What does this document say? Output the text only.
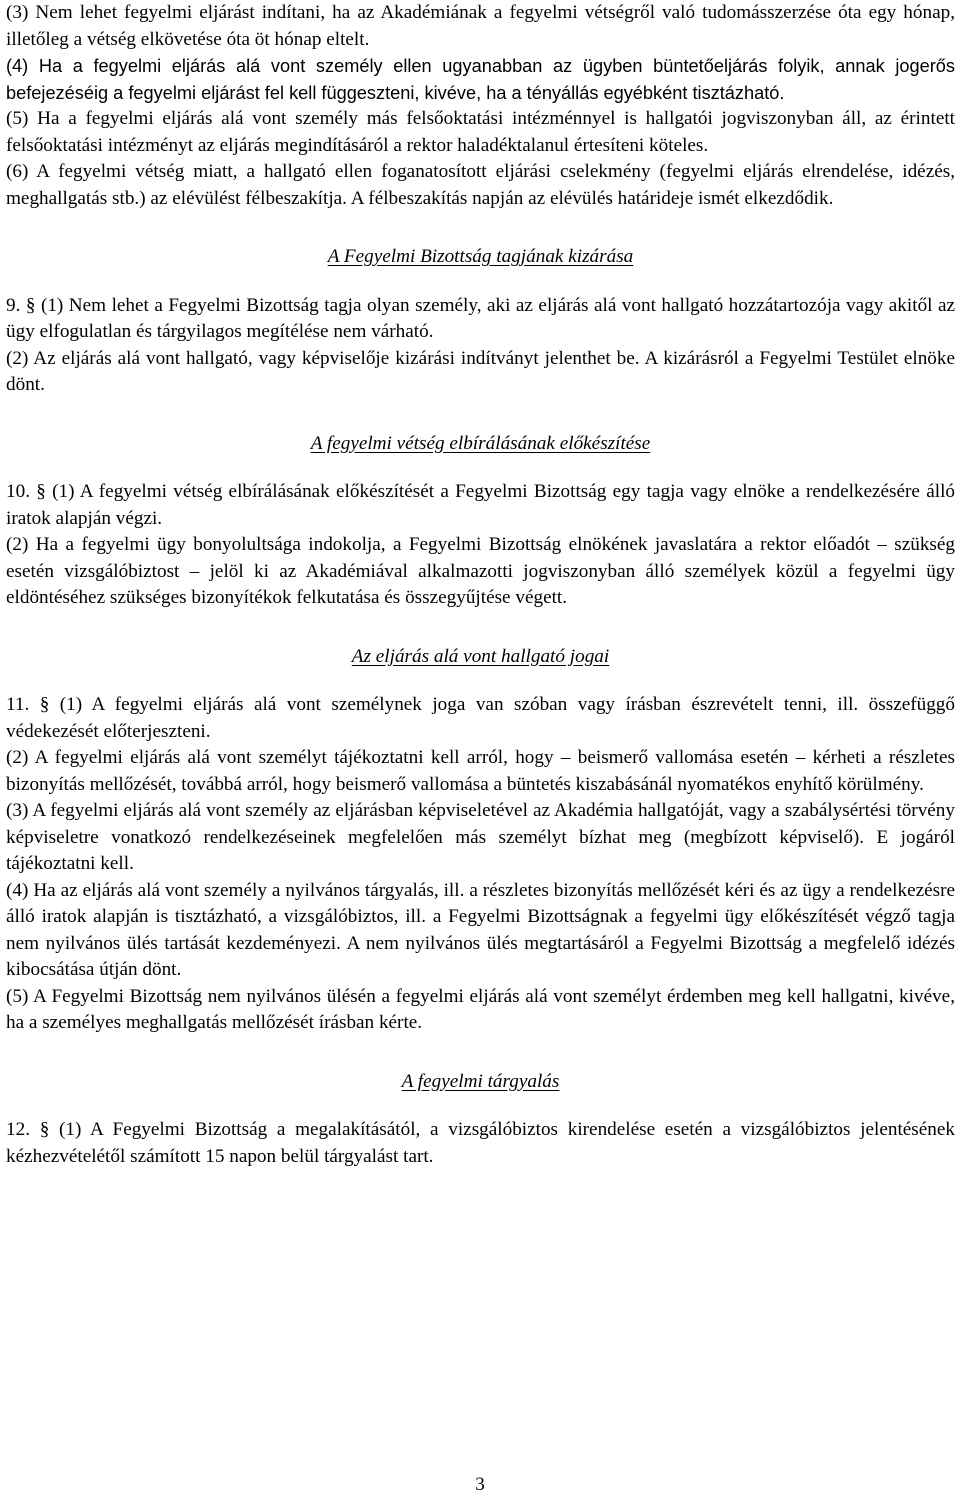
(3) Nem lehet fegyelmi eljárást indítani, ha az Akadémiának a fegyelmi vétségről való tudomásszerzése óta egy hónap, illetőleg a vétség elkövetése óta öt hónap eltelt.

(4) Ha a fegyelmi eljárás alá vont személy ellen ugyanabban az ügyben büntetőeljárás folyik, annak jogerős befejezéséig a fegyelmi eljárást fel kell függeszteni, kivéve, ha a tényállás egyébként tisztázható.

(5) Ha a fegyelmi eljárás alá vont személy más felsőoktatási intézménnyel is hallgatói jogviszonyban áll, az érintett felsőoktatási intézményt az eljárás megindításáról a rektor haladéktalanul értesíteni köteles.

(6) A fegyelmi vétség miatt, a hallgató ellen foganatosított eljárási cselekmény (fegyelmi eljárás elrendelése, idézés, meghallgatás stb.) az elévülést félbeszakítja. A félbeszakítás napján az elévülés határideje ismét elkezdődik.

A Fegyelmi Bizottság tagjának kizárása

9. § (1) Nem lehet a Fegyelmi Bizottság tagja olyan személy, aki az eljárás alá vont hallgató hozzátartozója vagy akitől az ügy elfogulatlan és tárgyilagos megítélése nem várható.

(2) Az eljárás alá vont hallgató, vagy képviselője kizárási indítványt jelenthet be. A kizárásról a Fegyelmi Testület elnöke dönt.

A fegyelmi vétség elbírálásának előkészítése

10. § (1) A fegyelmi vétség elbírálásának előkészítését a Fegyelmi Bizottság egy tagja vagy elnöke a rendelkezésére álló iratok alapján végzi.

(2) Ha a fegyelmi ügy bonyolultsága indokolja, a Fegyelmi Bizottság elnökének javaslatára a rektor előadót – szükség esetén vizsgálóbiztost – jelöl ki az Akadémiával alkalmazotti jogviszonyban álló személyek közül a fegyelmi ügy eldöntéséhez szükséges bizonyítékok felkutatása és összegyűjtése végett.

Az eljárás alá vont hallgató jogai

11. § (1) A fegyelmi eljárás alá vont személynek joga van szóban vagy írásban észrevételt tenni, ill. összefüggő védekezését előterjeszteni.

(2) A fegyelmi eljárás alá vont személyt tájékoztatni kell arról, hogy – beismerő vallomása esetén – kérheti a részletes bizonyítás mellőzését, továbbá arról, hogy beismerő vallomása a büntetés kiszabásánál nyomatékos enyhítő körülmény.

(3) A fegyelmi eljárás alá vont személy az eljárásban képviseletével az Akadémia hallgatóját, vagy a szabálysértési törvény képviseletre vonatkozó rendelkezéseinek megfelelően más személyt bízhat meg (megbízott képviselő). E jogáról tájékoztatni kell.

(4) Ha az eljárás alá vont személy a nyilvános tárgyalás, ill. a részletes bizonyítás mellőzését kéri és az ügy a rendelkezésre álló iratok alapján is tisztázható, a vizsgálóbiztos, ill. a Fegyelmi Bizottságnak a fegyelmi ügy előkészítését végző tagja nem nyilvános ülés tartását kezdeményezi. A nem nyilvános ülés megtartásáról a Fegyelmi Bizottság a megfelelő idézés kibocsátása útján dönt.

(5) A Fegyelmi Bizottság nem nyilvános ülésén a fegyelmi eljárás alá vont személyt érdemben meg kell hallgatni, kivéve, ha a személyes meghallgatás mellőzését írásban kérte.

A fegyelmi tárgyalás

12. § (1) A Fegyelmi Bizottság a megalakításától, a vizsgálóbiztos kirendelése esetén a vizsgálóbiztos jelentésének kézhezvételétől számított 15 napon belül tárgyalást tart.

3
